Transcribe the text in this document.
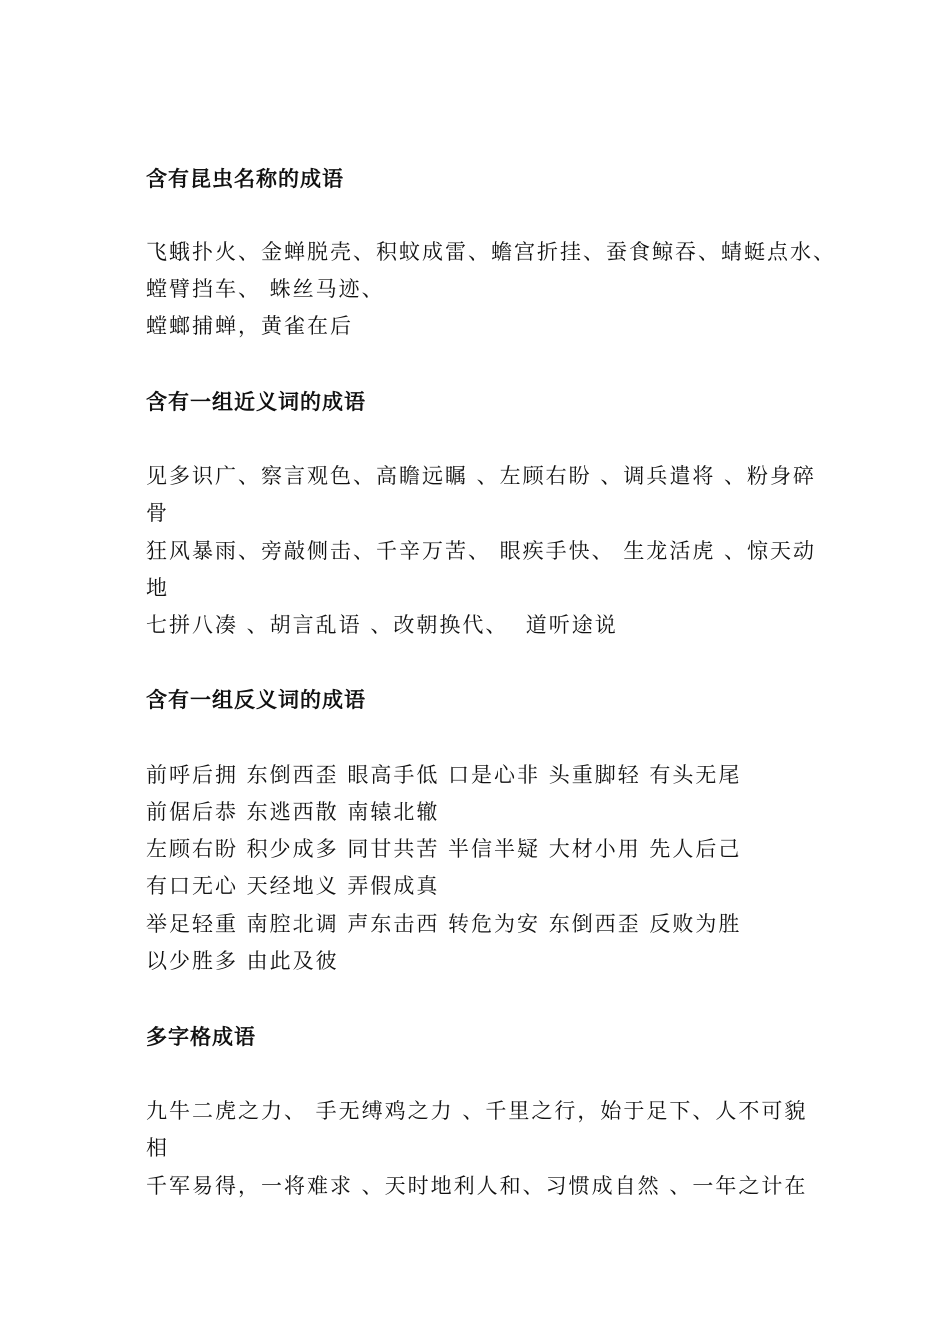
含有昆虫名称的成语
飞蛾扑火、金蝉脱壳、积蚊成雷、蟾宫折挂、蚕食鲸吞、蜻蜓点水、
螳臂挡车、 蛛丝马迹、
螳螂捕蝉，黄雀在后
含有一组近义词的成语
见多识广、察言观色、高瞻远瞩 、左顾右盼 、调兵遣将 、粉身碎
骨
狂风暴雨、旁敲侧击、千辛万苦、 眼疾手快、 生龙活虎 、惊天动
地
七拼八凑 、胡言乱语 、改朝换代、  道听途说
含有一组反义词的成语
前呼后拥 东倒西歪 眼高手低 口是心非 头重脚轻 有头无尾
前倨后恭 东逃西散 南辕北辙
左顾右盼 积少成多 同甘共苦 半信半疑 大材小用 先人后己
有口无心 天经地义 弄假成真
举足轻重 南腔北调 声东击西 转危为安 东倒西歪 反败为胜
以少胜多 由此及彼
多字格成语
九牛二虎之力、 手无缚鸡之力 、千里之行，始于足下、人不可貌
相
千军易得，一将难求 、天时地利人和、习惯成自然 、一年之计在
